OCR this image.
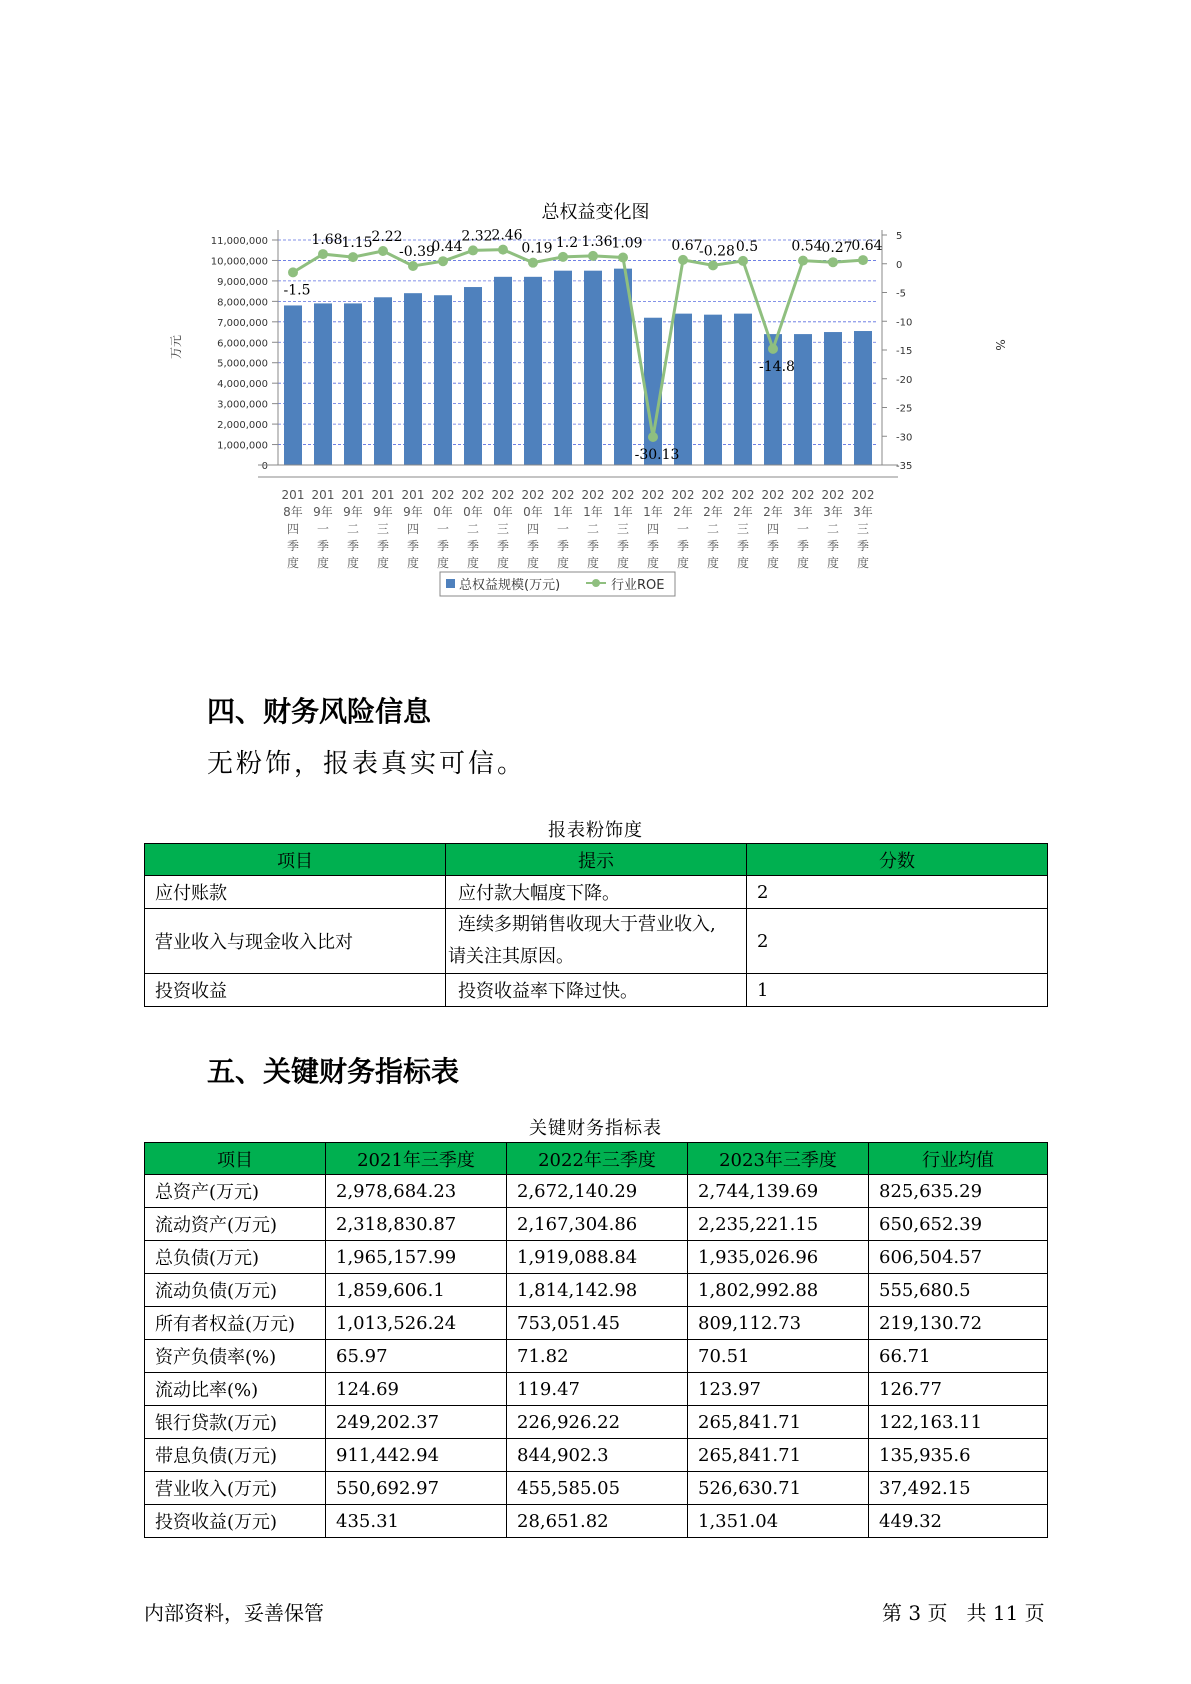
总权益变化图
11,000,000
10,000,000
9,000,000
8,000,000
7,000,000
6,000,000
5,000,000
4,000,000
3,000,000
2,000,000
1,000,000
0
5
0
-5
-10
-15
-20
-25
-30
-35
万元	%
201
8年
四
季
度
201
9年
一
季
度
201
9年
二
季
度
201
9年
三
季
度
201
9年
四
季
度
202
0年
一
季
度
202
0年
二
季
度
202
0年
三
季
度
202
0年
四
季
度
202
1年
一
季
度
202
1年
二
季
度
202
1年
三
季
度
202
1年
四
季
度
202
2年
一
季
度
202
2年
二
季
度
202
2年
三
季
度
202
2年
四
季
度
202
3年
一
季
度
202
3年
二
季
度
202
3年
三
季
度
-1.5
1.68
1.15
2.22
-0.39
0.44
2.32
2.46
0.19 1.2 1.36
1.09
-30.13
0.67
-0.28 0.5
-14.8
0.54
0.27
0.64
总权益规模(万元)	行业ROE
四、财务风险信息
无粉饰，报表真实可信。
报表粉饰度
项目	提示	分数
应付账款	应付款大幅度下降。	2
营业收入与现金收入比对	连续多期销售收现大于营业收入,
请关注其原因。	2
投资收益	投资收益率下降过快。	1
五、关键财务指标表
关键财务指标表
项目	2021年三季度	2022年三季度	2023年三季度	行业均值
总资产(万元)	2,978,684.23	2,672,140.29	2,744,139.69	825,635.29
流动资产(万元)	2,318,830.87	2,167,304.86	2,235,221.15	650,652.39
总负债(万元)	1,965,157.99	1,919,088.84	1,935,026.96	606,504.57
流动负债(万元)	1,859,606.1	1,814,142.98	1,802,992.88	555,680.5
所有者权益(万元)	1,013,526.24	753,051.45	809,112.73	219,130.72
资产负债率(%)	65.97	71.82	70.51	66.71
流动比率(%)	124.69	119.47	123.97	126.77
银行贷款(万元)	249,202.37	226,926.22	265,841.71	122,163.11
带息负债(万元)	911,442.94	844,902.3	265,841.71	135,935.6
营业收入(万元)	550,692.97	455,585.05	526,630.71	37,492.15
投资收益(万元)	435.31	28,651.82	1,351.04	449.32
内部资料，妥善保管	第 3 页   共 11 页
